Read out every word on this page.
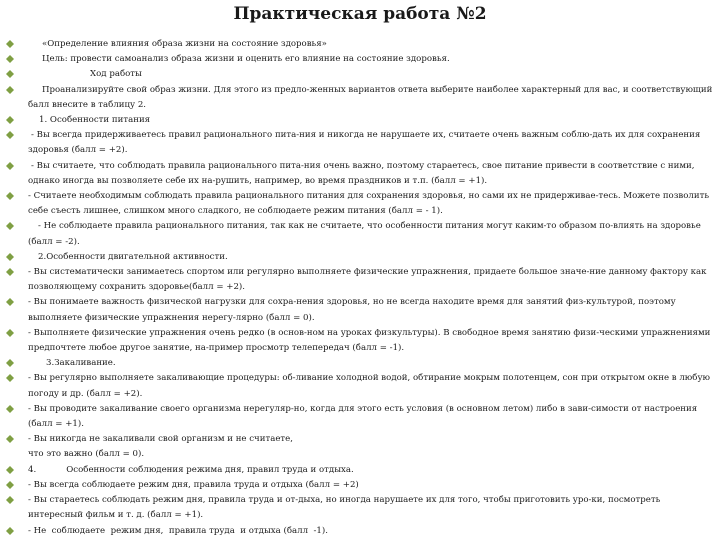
Практическая работа №2
«Определение влияния образа жизни на состояние здоровья»
Цель: провести самоанализ образа жизни и оценить его влияние на состояние здоровья.
Ход работы
Проанализируйте свой образ жизни. Для этого из предло-женных вариантов ответа выберите наиболее характерный для вас, и соответствующий балл внесите в таблицу 2.
1. Особенности питания
- Вы всегда придерживаетесь правил рационального пита-ния и никогда не нарушаете их, считаете очень важным соблю-дать их для сохранения здоровья (балл = +2).
- Вы считаете, что соблюдать правила рационального пита-ния очень важно, поэтому стараетесь, свое питание привести в соответствие с ними, однако иногда вы позволяете себе их на-рушить, например, во время праздников и т.п. (балл = +1).
- Считаете необходимым соблюдать правила рационального питания для сохранения здоровья, но сами их не придерживае-тесь. Можете позволить себе съесть лишнее, слишком много сладкого, не соблюдаете режим питания (балл = - 1).
- Не соблюдаете правила рационального питания, так как не считаете, что особенности питания могут каким-то образом по-влиять на здоровье (балл = -2).
2.Особенности двигательной активности.
- Вы систематически занимаетесь спортом или регулярно выполняете физические упражнения, придаете большое значе-ние данному фактору как позволяющему сохранить здоровье(балл = +2).
- Вы понимаете важность физической нагрузки для сохра-нения здоровья, но не всегда находите время для занятий физ-культурой, поэтому выполняете физические упражнения нерегу-лярно (балл = 0).
- Выполняете физические упражнения очень редко (в основ-ном на уроках физкультуры). В свободное время занятию физи-ческими упражнениями предпочтете любое другое занятие, на-пример просмотр телепередач (балл = -1).
3.Закаливание.
- Вы регулярно выполняете закаливающие процедуры: об-ливание холодной водой, обтирание мокрым полотенцем, сон при открытом окне в любую погоду и др. (балл = +2).
- Вы проводите закаливание своего организма нерегуляр-но, когда для этого есть условия (в основном летом) либо в зави-симости от настроения (балл = +1).
- Вы никогда не закаливали свой организм и не считаете, что это важно (балл = 0).
4.           Особенности соблюдения режима дня, правил труда и отдыха.
- Вы всегда соблюдаете режим дня, правила труда и отдыха (балл = +2)
- Вы стараетесь соблюдать режим дня, правила труда и от-дыха, но иногда нарушаете их для того, чтобы приготовить уро-ки, посмотреть интересный фильм и т. д. (балл = +1).
- Не  соблюдаете  режим дня,  правила труда  и отдыха (балл  -1).
